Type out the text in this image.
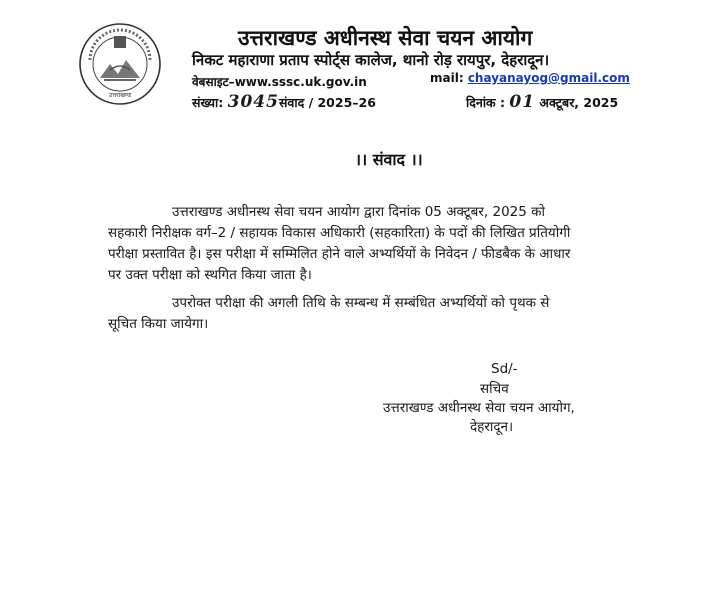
उत्तराखण्ड
उत्तराखण्ड अधीनस्थ सेवा चयन आयोग
निकट महाराणा प्रताप स्पोर्ट्स कालेज, थानो रोड़ रायपुर, देहरादून।
वेबसाइट–www.sssc.uk.gov.in	mail: chayanayog@gmail.com
संख्या: 3045संवाद / 2025–26	दिनांक : 01 अक्टूबर, 2025
।। संवाद ।।
उत्तराखण्ड अधीनस्थ सेवा चयन आयोग द्वारा दिनांक 05 अक्टूबर, 2025 को
सहकारी निरीक्षक वर्ग–2 / सहायक विकास अधिकारी (सहकारिता) के पदों की लिखित प्रतियोगी
परीक्षा प्रस्तावित है। इस परीक्षा में सम्मिलित होने वाले अभ्यर्थियों के निवेदन / फीडबैक के आधार
पर उक्त परीक्षा को स्थगित किया जाता है।
उपरोक्त परीक्षा की अगली तिथि के सम्बन्ध में सम्बंधित अभ्यर्थियों को पृथक से
सूचित किया जायेगा।
Sd/-
सचिव
उत्तराखण्ड अधीनस्थ सेवा चयन आयोग,
देहरादून।
